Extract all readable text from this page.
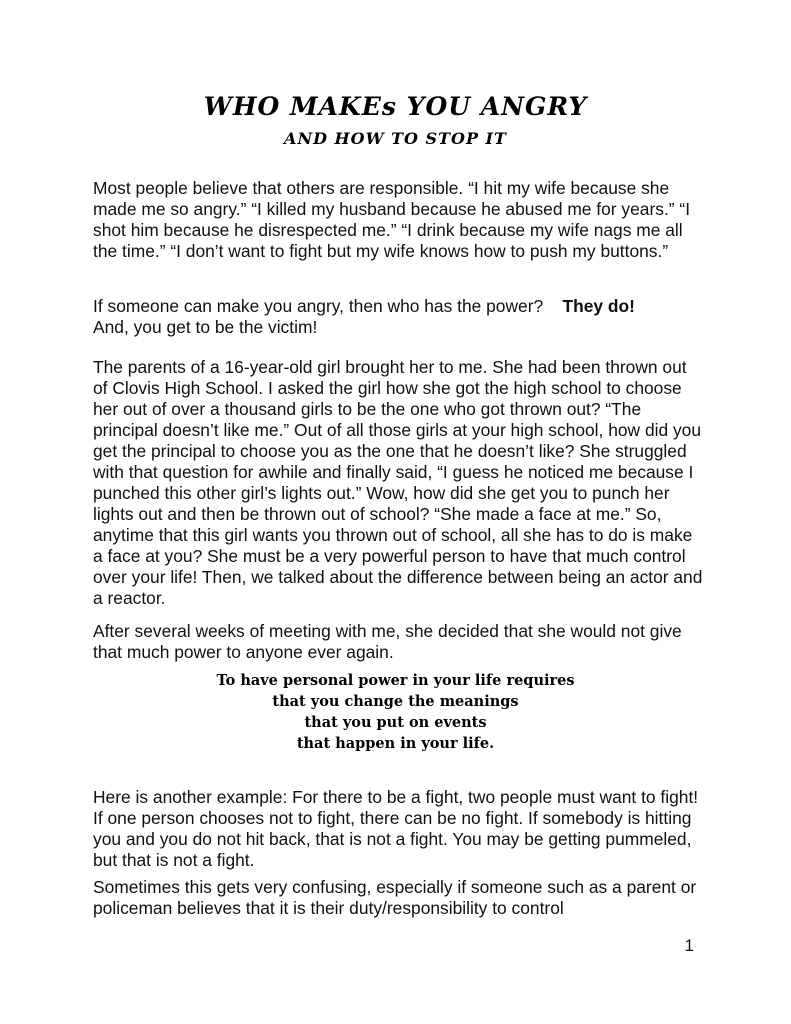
WHO MAKEs YOU ANGRY
AND HOW TO STOP IT

Most people believe that others are responsible. “I hit my wife because she made me so angry.” “I killed my husband because he abused me for years.” “I shot him because he disrespected me.” “I drink because my wife nags me all the time.” “I don’t want to fight but my wife knows how to push my buttons.”

If someone can make you angry, then who has the power? They do!
And, you get to be the victim!

The parents of a 16-year-old girl brought her to me. She had been thrown out of Clovis High School. I asked the girl how she got the high school to choose her out of over a thousand girls to be the one who got thrown out? “The principal doesn’t like me.” Out of all those girls at your high school, how did you get the principal to choose you as the one that he doesn’t like? She struggled with that question for awhile and finally said, “I guess he noticed me because I punched this other girl’s lights out.” Wow, how did she get you to punch her lights out and then be thrown out of school? “She made a face at me.” So, anytime that this girl wants you thrown out of school, all she has to do is make a face at you? She must be a very powerful person to have that much control over your life! Then, we talked about the difference between being an actor and a reactor.

After several weeks of meeting with me, she decided that she would not give that much power to anyone ever again.

To have personal power in your life requires
that you change the meanings
that you put on events
that happen in your life.

Here is another example: For there to be a fight, two people must want to fight! If one person chooses not to fight, there can be no fight. If somebody is hitting you and you do not hit back, that is not a fight. You may be getting pummeled, but that is not a fight.

Sometimes this gets very confusing, especially if someone such as a parent or policeman believes that it is their duty/responsibility to control

1
